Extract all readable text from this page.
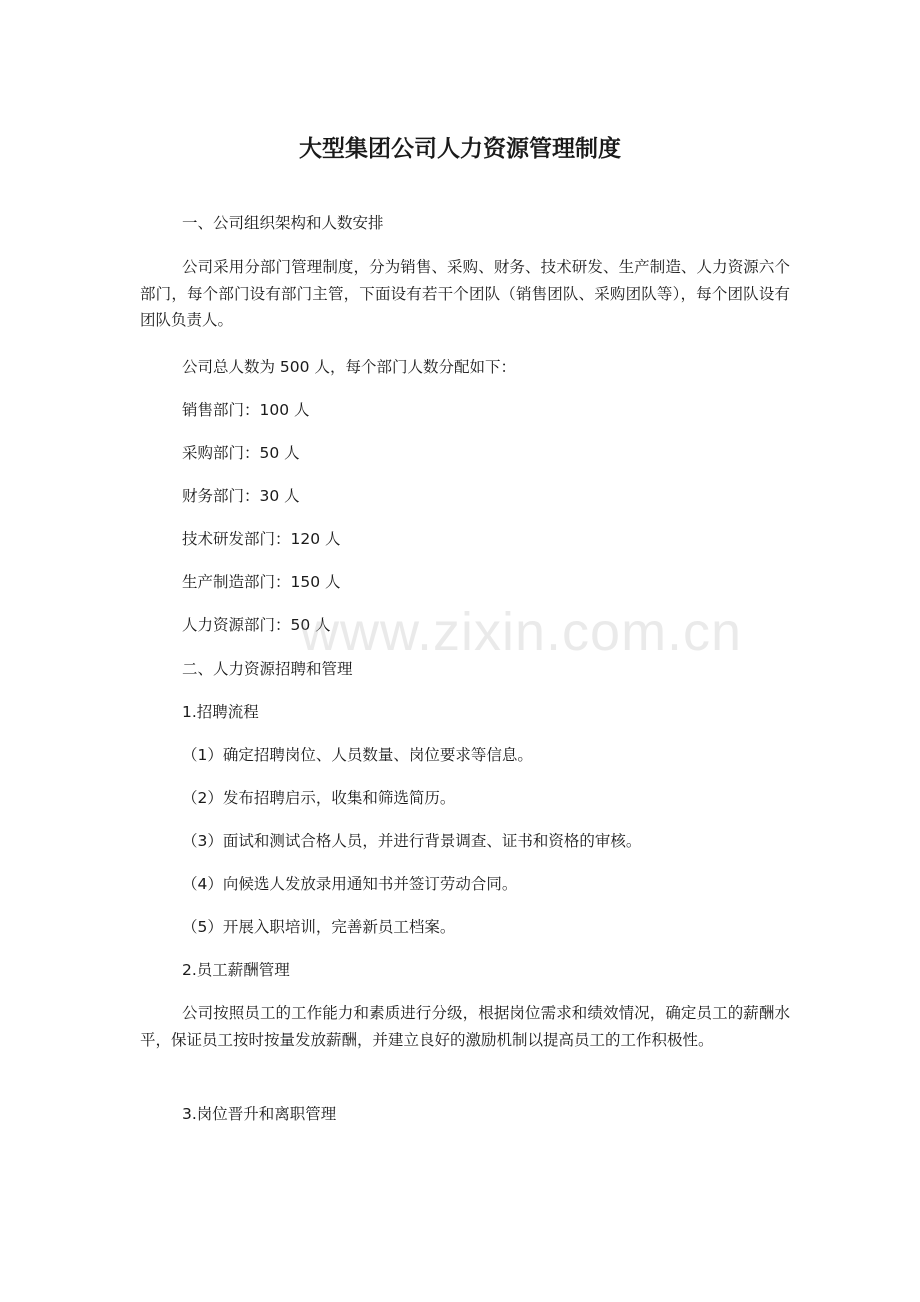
大型集团公司人力资源管理制度
一、公司组织架构和人数安排

公司采用分部门管理制度，分为销售、采购、财务、技术研发、生产制造、人力资源六个部门，每个部门设有部门主管，下面设有若干个团队（销售团队、采购团队等），每个团队设有团队负责人。

公司总人数为 500 人，每个部门人数分配如下：
销售部门：100 人
采购部门：50 人
财务部门：30 人
技术研发部门：120 人
生产制造部门：150 人
人力资源部门：50 人
二、人力资源招聘和管理
1.招聘流程
（1）确定招聘岗位、人员数量、岗位要求等信息。
（2）发布招聘启示，收集和筛选简历。
（3）面试和测试合格人员，并进行背景调查、证书和资格的审核。
（4）向候选人发放录用通知书并签订劳动合同。
（5）开展入职培训，完善新员工档案。
2.员工薪酬管理

公司按照员工的工作能力和素质进行分级，根据岗位需求和绩效情况，确定员工的薪酬水平，保证员工按时按量发放薪酬，并建立良好的激励机制以提高员工的工作积极性。

3.岗位晋升和离职管理
www.zixin.com.cn
